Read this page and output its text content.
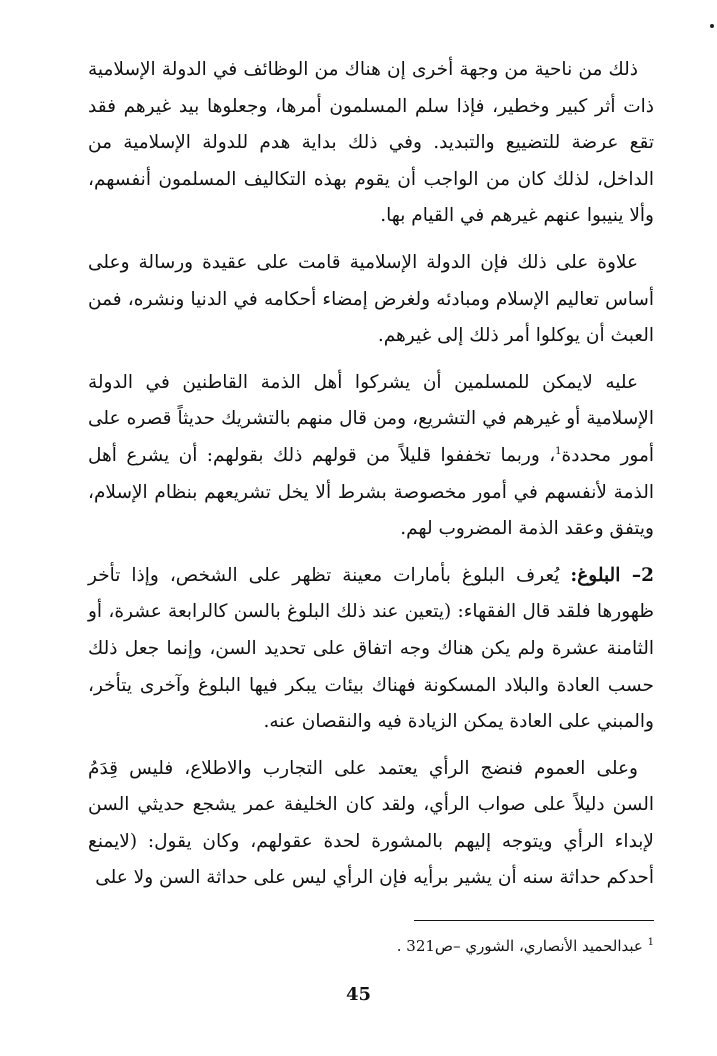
ذلك من ناحية من وجهة أخرى إن هناك من الوظائف في الدولة الإسلامية ذات أثر كبير وخطير، فإذا سلم المسلمون أمرها، وجعلوها بيد غيرهم فقد تقع عرضة للتضييع والتبديد. وفي ذلك بداية هدم للدولة الإسلامية من الداخل، لذلك كان من الواجب أن يقوم بهذه التكاليف المسلمون أنفسهم، وألا ينيبوا عنهم غيرهم في القيام بها.

علاوة على ذلك فإن الدولة الإسلامية قامت على عقيدة ورسالة وعلى أساس تعاليم الإسلام ومبادئه ولغرض إمضاء أحكامه في الدنيا ونشره، فمن العبث أن يوكلوا أمر ذلك إلى غيرهم.

عليه لايمكن للمسلمين أن يشركوا أهل الذمة القاطنين في الدولة الإسلامية أو غيرهم في التشريع، ومن قال منهم بالتشريك حديثاً قصره على أمور محددة$^1$، وربما تخففوا قليلاً من قولهم ذلك بقولهم: أن يشرع أهل الذمة لأنفسهم في أمور مخصوصة بشرط ألا يخل تشريعهم بنظام الإسلام، ويتفق وعقد الذمة المضروب لهم.

2– البلوغ: يُعرف البلوغ بأمارات معينة تظهر على الشخص، وإذا تأخر ظهورها فلقد قال الفقهاء: (يتعين عند ذلك البلوغ بالسن كالرابعة عشرة، أو الثامنة عشرة ولم يكن هناك وجه اتفاق على تحديد السن، وإنما جعل ذلك حسب العادة والبلاد المسكونة فهناك بيئات يبكر فيها البلوغ وآخرى يتأخر، والمبني على العادة يمكن الزيادة فيه والنقصان عنه.

وعلى العموم فنضج الرأي يعتمد على التجارب والاطلاع، فليس قِدَمُ السن دليلاً على صواب الرأي، ولقد كان الخليفة عمر يشجع حديثي السن لإبداء الرأي ويتوجه إليهم بالمشورة لحدة عقولهم، وكان يقول: (لايمنع أحدكم حداثة سنه أن يشير برأيه فإن الرأي ليس على حداثة السن ولا على

$^1$ عبدالحميد الأنصاري، الشوري –ص321 .
45
